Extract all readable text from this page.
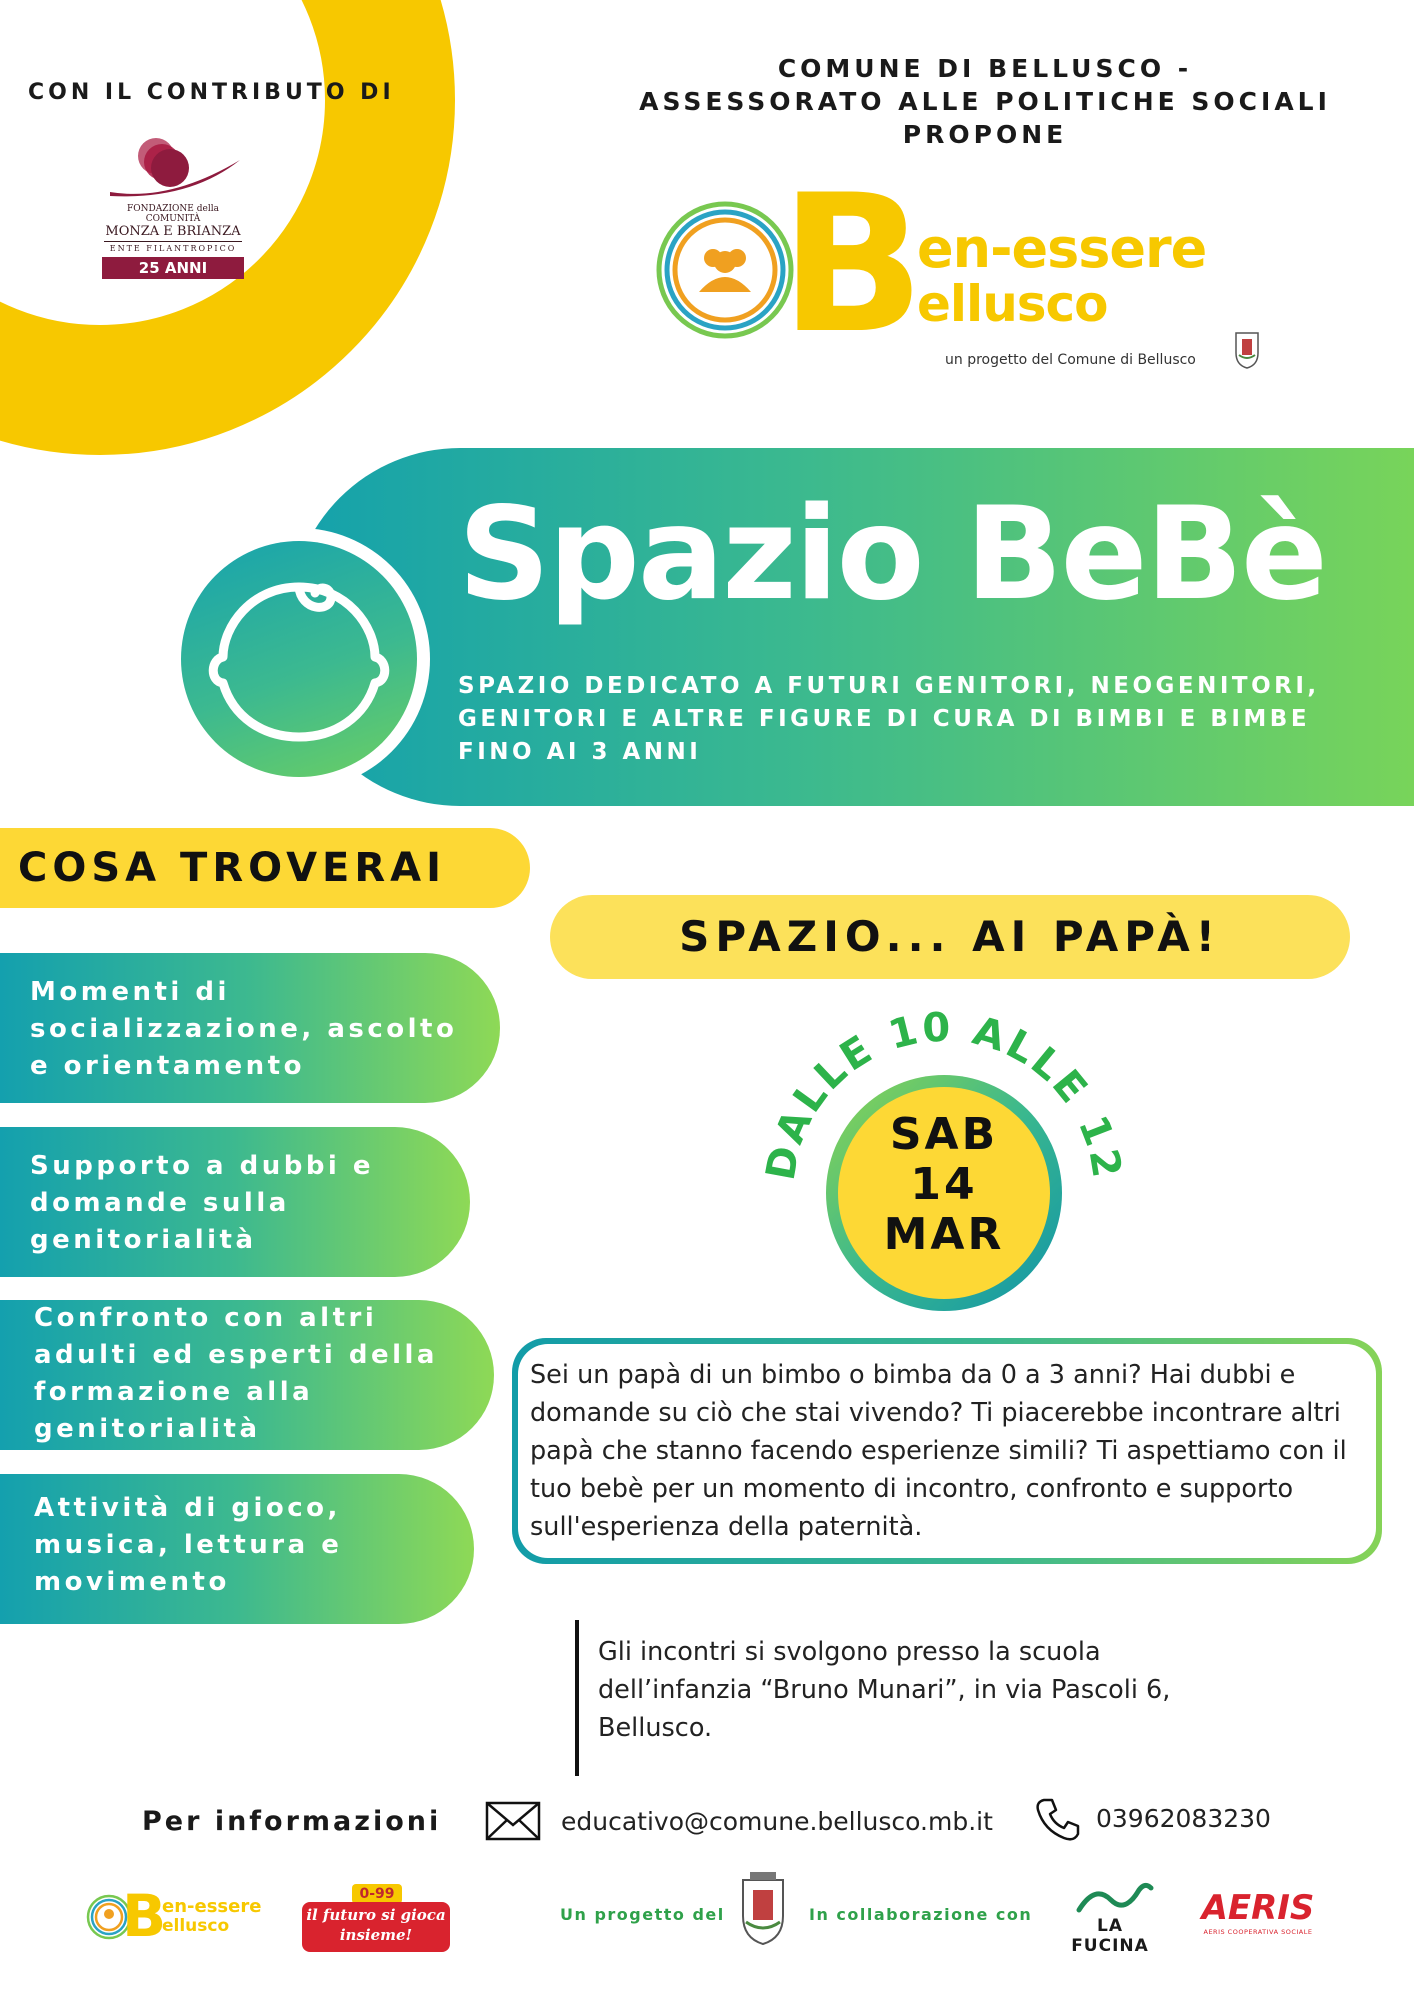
CON IL CONTRIBUTO DI
FONDAZIONE della COMUNITÀ
MONZA E BRIANZA
ENTE FILANTROPICO
25 ANNI
COMUNE DI BELLUSCO -
ASSESSORATO ALLE POLITICHE SOCIALI
PROPONE
B
en-essere
ellusco
un progetto del Comune di Bellusco
Spazio BeBè
SPAZIO DEDICATO A FUTURI GENITORI, NEOGENITORI, GENITORI E ALTRE FIGURE DI CURA DI BIMBI E BIMBE FINO AI 3 ANNI
COSA TROVERAI
Momenti di socializzazione, ascolto e orientamento
Supporto a dubbi e domande sulla genitorialità
Confronto con altri adulti ed esperti della formazione alla genitorialità
Attività di gioco, musica, lettura e movimento
SPAZIO... AI PAPÀ!
DALLE 10 ALLE 12
SAB
14
MAR
Sei un papà di un bimbo o bimba da 0 a 3 anni? Hai dubbi e domande su ciò che stai vivendo? Ti piacerebbe incontrare altri papà che stanno facendo esperienze simili? Ti aspettiamo con il tuo bebè per un momento di incontro, confronto e supporto sull'esperienza della paternità.
Gli incontri si svolgono presso la scuola dell’infanzia “Bruno Munari”, in via Pascoli 6, Bellusco.
Per informazioni	educativo@comune.bellusco.mb.it	03962083230
B
en-essere
ellusco
0-99
il futuro si gioca
insieme!
Un progetto del	In collaborazione con
LA FUCINA
AERIS
AERIS COOPERATIVA SOCIALE
